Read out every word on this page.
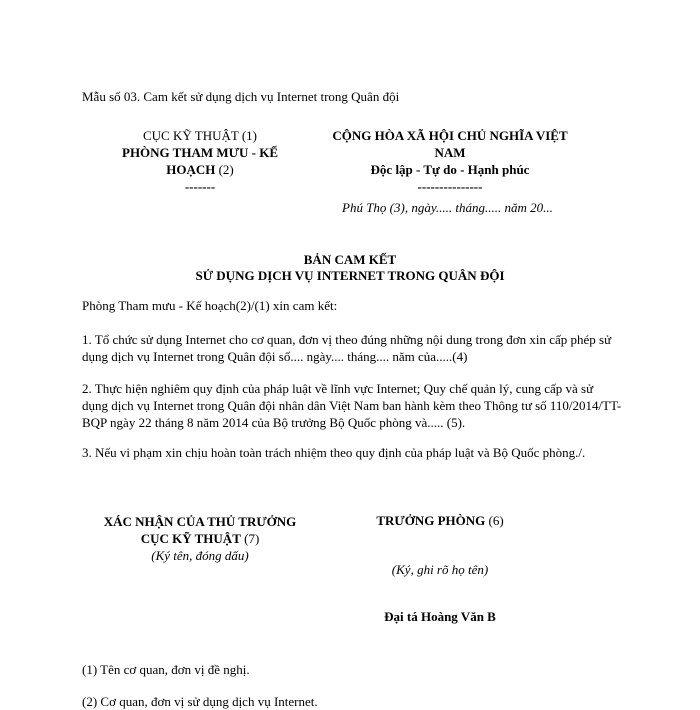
Mẫu số 03. Cam kết sử dụng dịch vụ Internet trong Quân đội
CỤC KỸ THUẬT (1)
PHÒNG THAM MƯU - KẾ
HOẠCH (2)
-------
CỘNG HÒA XÃ HỘI CHỦ NGHĨA VIỆT
NAM
Độc lập - Tự do - Hạnh phúc
---------------
Phú Thọ (3), ngày..... tháng..... năm 20...
BẢN CAM KẾT
SỬ DỤNG DỊCH VỤ INTERNET TRONG QUÂN ĐỘI
Phòng Tham mưu - Kế hoạch(2)/(1) xin cam kết:
1. Tổ chức sử dụng Internet cho cơ quan, đơn vị theo đúng những nội dung trong đơn xin cấp phép sử dụng dịch vụ Internet trong Quân đội số.... ngày.... tháng.... năm của.....(4)
2. Thực hiện nghiêm quy định của pháp luật về lĩnh vực Internet; Quy chế quản lý, cung cấp và sử dụng dịch vụ Internet trong Quân đội nhân dân Việt Nam ban hành kèm theo Thông tư số 110/2014/TT-BQP ngày 22 tháng 8 năm 2014 của Bộ trưởng Bộ Quốc phòng và..... (5).
3. Nếu vi phạm xin chịu hoàn toàn trách nhiệm theo quy định của pháp luật và Bộ Quốc phòng./.
XÁC NHẬN CỦA THỦ TRƯỞNG
CỤC KỸ THUẬT (7)
(Ký tên, đóng dấu)
TRƯỞNG PHÒNG (6)
(Ký, ghi rõ họ tên)
Đại tá Hoàng Văn B
(1) Tên cơ quan, đơn vị đề nghị.
(2) Cơ quan, đơn vị sử dụng dịch vụ Internet.
